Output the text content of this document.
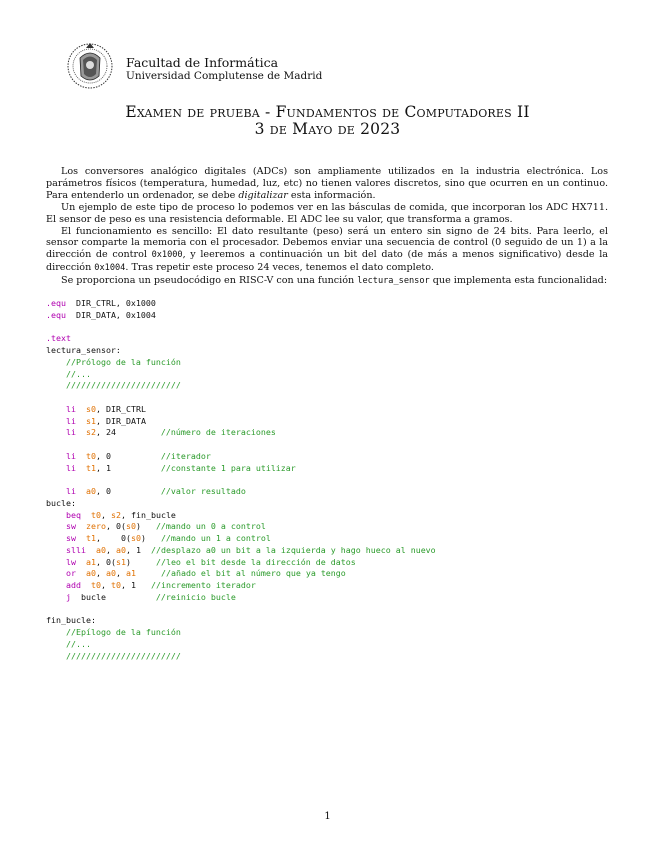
Facultad de Informática
Universidad Complutense de Madrid
Examen de prueba - Fundamentos de Computadores II
3 de Mayo de 2023

Los conversores analógico digitales (ADCs) son ampliamente utilizados en la industria electrónica. Los parámetros físicos (temperatura, humedad, luz, etc) no tienen valores discretos, sino que ocurren en un continuo. Para entenderlo un ordenador, se debe digitalizar esta información.

Un ejemplo de este tipo de proceso lo podemos ver en las básculas de comida, que incorporan los ADC HX711. El sensor de peso es una resistencia deformable. El ADC lee su valor, que transforma a gramos.

El funcionamiento es sencillo: El dato resultante (peso) será un entero sin signo de 24 bits. Para leerlo, el sensor comparte la memoria con el procesador. Debemos enviar una secuencia de control (0 seguido de un 1) a la dirección de control 0x1000, y leeremos a continuación un bit del dato (de más a menos significativo) desde la dirección 0x1004. Tras repetir este proceso 24 veces, tenemos el dato completo.

Se proporciona un pseudocódigo en RISC-V con una función lectura_sensor que implementa esta funcionalidad:

.equ  DIR_CTRL, 0x1000
.equ  DIR_DATA, 0x1004

.text
lectura_sensor:
//Prólogo de la función
//...
///////////////////////

li s0, DIR_CTRL
li s1, DIR_DATA
li s2, 24         //número de iteraciones

li t0, 0          //iterador
li t1, 1          //constante 1 para utilizar

li a0, 0          //valor resultado
bucle:
beq t0, s2, fin_bucle
sw zero, 0(s0)   //mando un 0 a control
sw t1,    0(s0)   //mando un 1 a control
slli a0, a0, 1  //desplazo a0 un bit a la izquierda y hago hueco al nuevo
lw a1, 0(s1)     //leo el bit desde la dirección de datos
or a0, a0, a1	//añado el bit al número que ya tengo
add t0, t0, 1   //incremento iterador
j  bucle          //reinicio bucle

fin_bucle:
//Epílogo de la función
//...
///////////////////////
1
